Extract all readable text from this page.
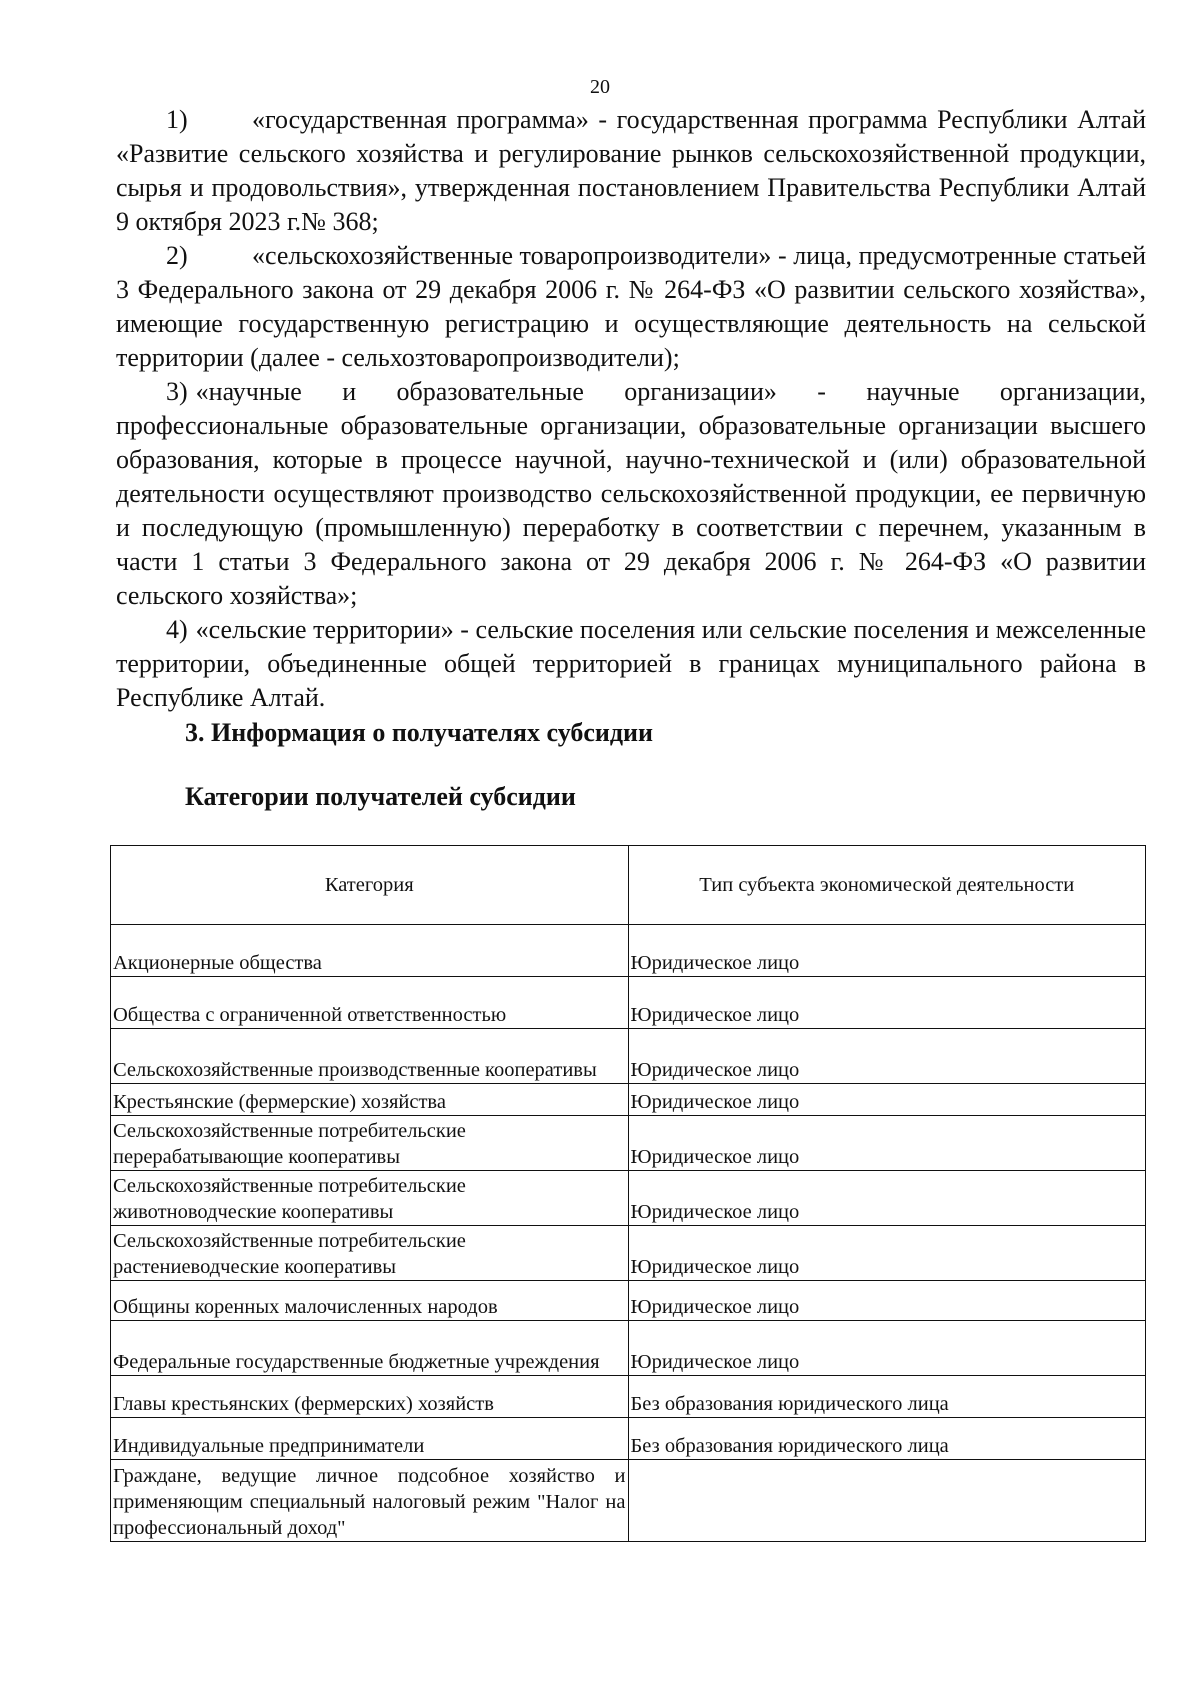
20

1) «государственная программа» - государственная программа Республики Алтай «Развитие сельского хозяйства и регулирование рынков сельскохозяйственной продукции, сырья и продовольствия», утвержденная постановлением Правительства Республики Алтай 9 октября 2023 г.№ 368;

2) «сельскохозяйственные товаропроизводители» - лица, предусмотренные статьей 3 Федерального закона от 29 декабря 2006 г. № 264-ФЗ «О развитии сельского хозяйства», имеющие государственную регистрацию и осуществляющие деятельность на сельской территории (далее - сельхозтоваропроизводители);

3) «научные и образовательные организации» - научные организации, профессиональные образовательные организации, образовательные организации высшего образования, которые в процессе научной, научно-технической и (или) образовательной деятельности осуществляют производство сельскохозяйственной продукции, ее первичную и последующую (промышленную) переработку в соответствии с перечнем, указанным в части 1 статьи 3 Федерального закона от 29 декабря 2006 г. № 264-ФЗ «О развитии сельского хозяйства»;

4) «сельские территории» - сельские поселения или сельские поселения и межселенные территории, объединенные общей территорией в границах муниципального района в Республике Алтай.

3. Информация о получателях субсидии
Категории получателей субсидии
Категория	Тип субъекта экономической деятельности
Акционерные общества	Юридическое лицо
Общества с ограниченной ответственностью	Юридическое лицо
Сельскохозяйственные производственные кооперативы	Юридическое лицо
Крестьянские (фермерские) хозяйства	Юридическое лицо
Сельскохозяйственные потребительские перерабатывающие кооперативы	Юридическое лицо
Сельскохозяйственные потребительские животноводческие кооперативы	Юридическое лицо
Сельскохозяйственные потребительские растениеводческие кооперативы	Юридическое лицо
Общины коренных малочисленных народов	Юридическое лицо
Федеральные государственные бюджетные учреждения	Юридическое лицо
Главы крестьянских (фермерских) хозяйств	Без образования юридического лица
Индивидуальные предприниматели	Без образования юридического лица
Граждане, ведущие личное подсобное хозяйство и применяющим специальный налоговый режим "Налог на профессиональный доход"	
